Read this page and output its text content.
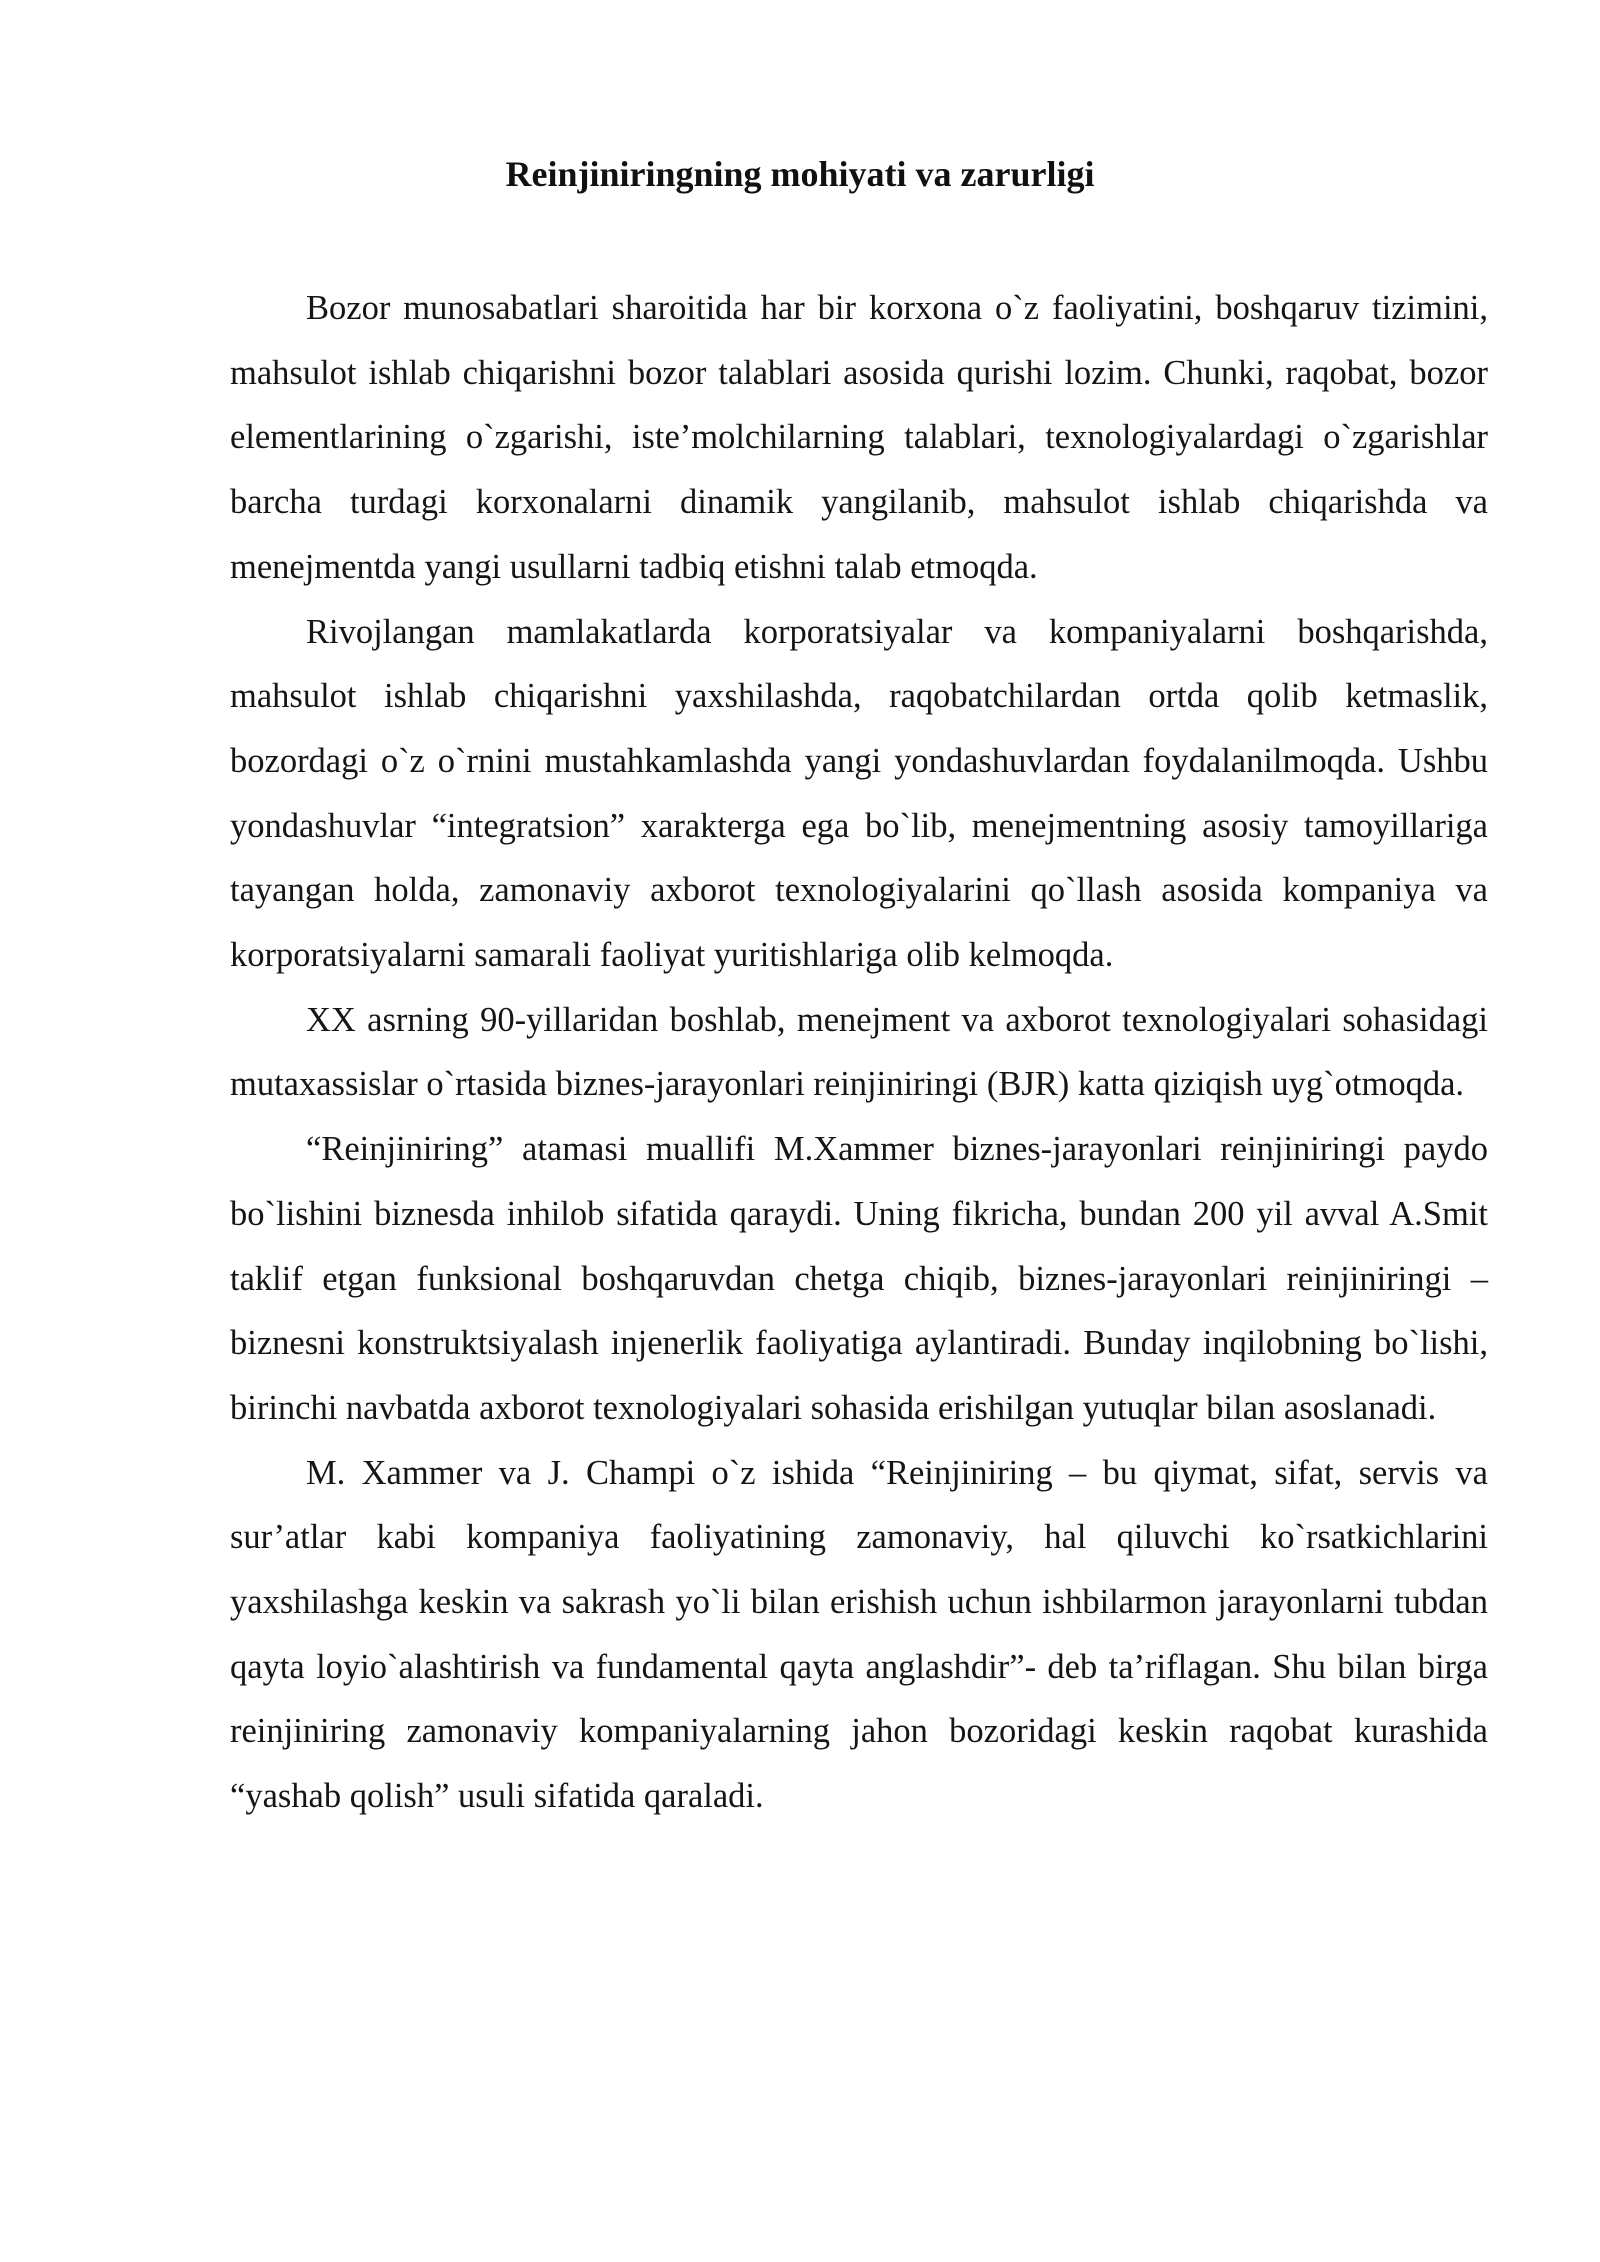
Reinjiniringning mohiyati va zarurligi

Bozor munosabatlari sharoitida har bir korxona o`z faoliyatini, boshqaruv tizimini, mahsulot ishlab chiqarishni bozor talablari asosida qurishi lozim. Chunki, raqobat, bozor elementlarining o`zgarishi, iste’molchilarning talablari, texnologiyalardagi o`zgarishlar barcha turdagi korxonalarni dinamik yangilanib, mahsulot ishlab chiqarishda va menejmentda yangi usullarni tadbiq etishni talab etmoqda.

Rivojlangan mamlakatlarda korporatsiyalar va kompaniyalarni boshqarishda, mahsulot ishlab chiqarishni yaxshilashda, raqobatchilardan ortda qolib ketmaslik, bozordagi o`z o`rnini mustahkamlashda yangi yondashuvlardan foydalanilmoqda. Ushbu yondashuvlar “integratsion” xarakterga ega bo`lib, menejmentning asosiy tamoyillariga tayangan holda, zamonaviy axborot texnologiyalarini qo`llash asosida kompaniya va korporatsiyalarni samarali faoliyat yuritishlariga olib kelmoqda.

XX asrning 90-yillaridan boshlab, menejment va axborot texnologiyalari sohasidagi mutaxassislar o`rtasida biznes-jarayonlari reinjiniringi (BJR) katta qiziqish uyg`otmoqda.

“Reinjiniring” atamasi muallifi M.Xammer biznes-jarayonlari reinjiniringi paydo bo`lishini biznesda inhilob sifatida qaraydi. Uning fikricha, bundan 200 yil avval A.Smit taklif etgan funksional boshqaruvdan chetga chiqib, biznes-jarayonlari reinjiniringi – biznesni konstruktsiyalash injenerlik faoliyatiga aylantiradi. Bunday inqilobning bo`lishi, birinchi navbatda axborot texnologiyalari sohasida erishilgan yutuqlar bilan asoslanadi.

M. Xammer va J. Champi o`z ishida “Reinjiniring – bu qiymat, sifat, servis va sur’atlar kabi kompaniya faoliyatining zamonaviy, hal qiluvchi ko`rsatkichlarini yaxshilashga keskin va sakrash yo`li bilan erishish uchun ishbilarmon jarayonlarni tubdan qayta loyio`alashtirish va fundamental qayta anglashdir”- deb ta’riflagan. Shu bilan birga reinjiniring zamonaviy kompaniyalarning jahon bozoridagi keskin raqobat kurashida “yashab qolish” usuli sifatida qaraladi.
